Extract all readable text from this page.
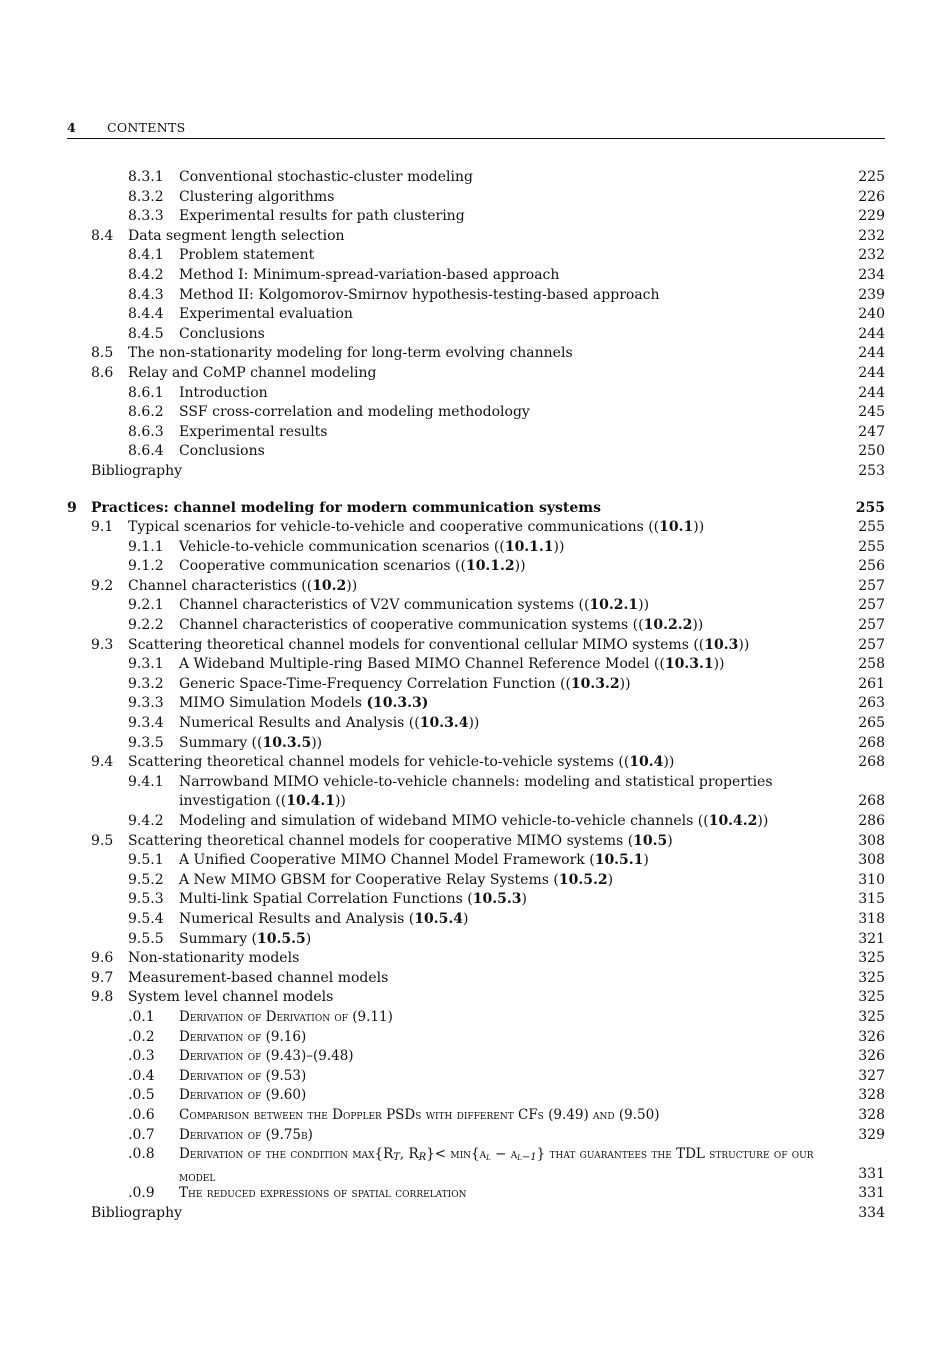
4	CONTENTS
8.3.1 Conventional stochastic-cluster modeling	225
8.3.2 Clustering algorithms	226
8.3.3 Experimental results for path clustering	229
8.4 Data segment length selection	232
8.4.1 Problem statement	232
8.4.2 Method I: Minimum-spread-variation-based approach	234
8.4.3 Method II: Kolgomorov-Smirnov hypothesis-testing-based approach	239
8.4.4 Experimental evaluation	240
8.4.5 Conclusions	244
8.5 The non-stationarity modeling for long-term evolving channels	244
8.6 Relay and CoMP channel modeling	244
8.6.1 Introduction	244
8.6.2 SSF cross-correlation and modeling methodology	245
8.6.3 Experimental results	247
8.6.4 Conclusions	250
Bibliography	253
9 Practices: channel modeling for modern communication systems	255
9.1 Typical scenarios for vehicle-to-vehicle and cooperative communications ((10.1))	255
9.1.1 Vehicle-to-vehicle communication scenarios ((10.1.1))	255
9.1.2 Cooperative communication scenarios ((10.1.2))	256
9.2 Channel characteristics ((10.2))	257
9.2.1 Channel characteristics of V2V communication systems ((10.2.1))	257
9.2.2 Channel characteristics of cooperative communication systems ((10.2.2))	257
9.3 Scattering theoretical channel models for conventional cellular MIMO systems ((10.3))	257
9.3.1 A Wideband Multiple-ring Based MIMO Channel Reference Model ((10.3.1))	258
9.3.2 Generic Space-Time-Frequency Correlation Function ((10.3.2))	261
9.3.3 MIMO Simulation Models (10.3.3)	263
9.3.4 Numerical Results and Analysis ((10.3.4))	265
9.3.5 Summary ((10.3.5))	268
9.4 Scattering theoretical channel models for vehicle-to-vehicle systems ((10.4))	268
9.4.1 Narrowband MIMO vehicle-to-vehicle channels: modeling and statistical properties investigation ((10.4.1))	268
9.4.2 Modeling and simulation of wideband MIMO vehicle-to-vehicle channels ((10.4.2))	286
9.5 Scattering theoretical channel models for cooperative MIMO systems (10.5)	308
9.5.1 A Unified Cooperative MIMO Channel Model Framework (10.5.1)	308
9.5.2 A New MIMO GBSM for Cooperative Relay Systems (10.5.2)	310
9.5.3 Multi-link Spatial Correlation Functions (10.5.3)	315
9.5.4 Numerical Results and Analysis (10.5.4)	318
9.5.5 Summary (10.5.5)	321
9.6 Non-stationarity models	325
9.7 Measurement-based channel models	325
9.8 System level channel models	325
.0.1 Derivation of Derivation of (9.11)	325
.0.2 Derivation of (9.16)	326
.0.3 Derivation of (9.43)–(9.48)	326
.0.4 Derivation of (9.53)	327
.0.5 Derivation of (9.60)	328
.0.6 Comparison between the Doppler PSDs with different CFs (9.49) and (9.50)	328
.0.7 Derivation of (9.75b)	329
.0.8 Derivation of the condition max{RT, RR}< min{al − al−1} that guarantees the TDL structure of our model	331
.0.9 The reduced expressions of spatial correlation	331
Bibliography	334
